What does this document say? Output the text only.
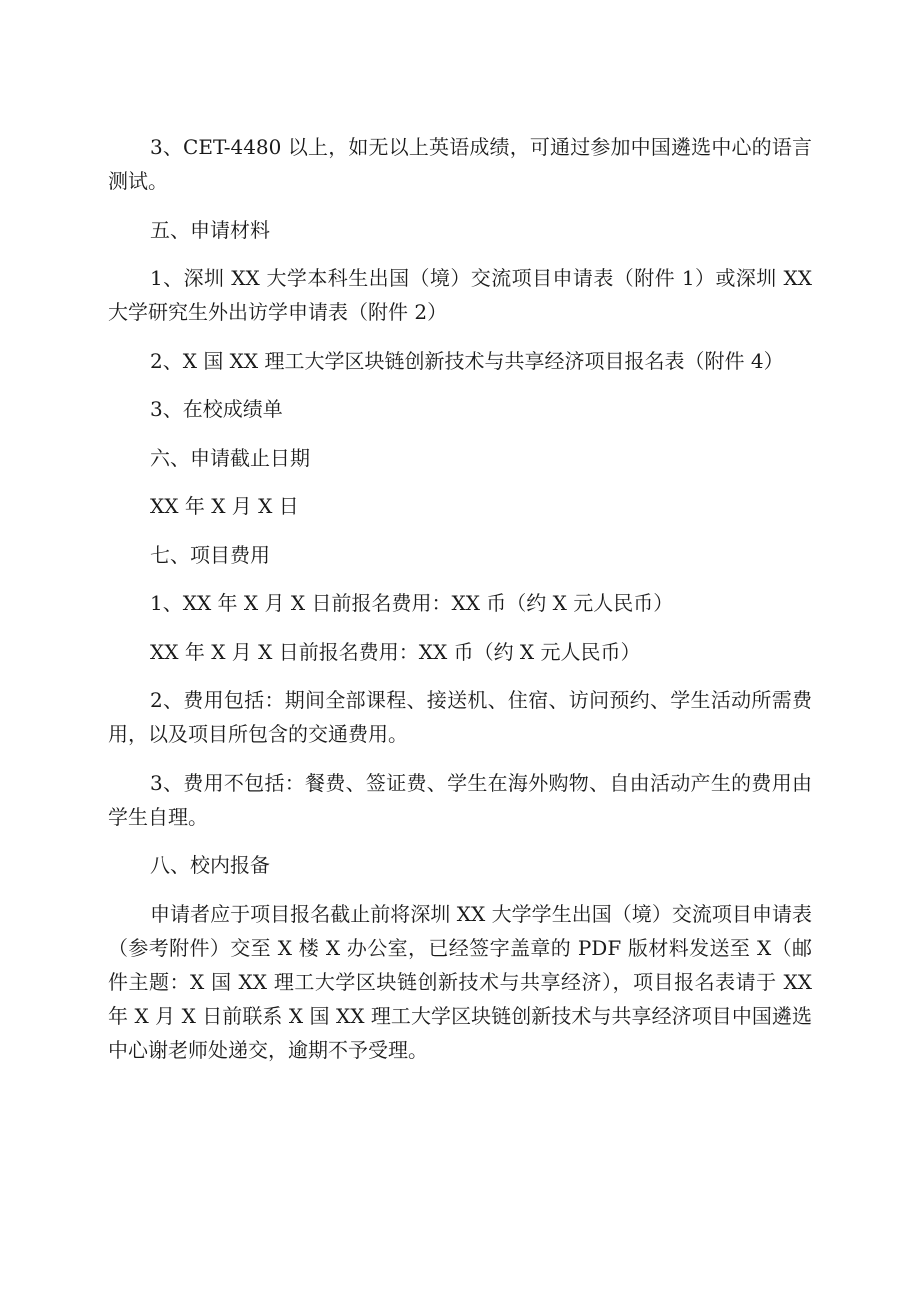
3、CET-4480 以上，如无以上英语成绩，可通过参加中国遴选中心的语言测试。

五、申请材料

1、深圳 XX 大学本科生出国（境）交流项目申请表（附件 1）或深圳 XX 大学研究生外出访学申请表（附件 2）

2、X 国 XX 理工大学区块链创新技术与共享经济项目报名表（附件 4）

3、在校成绩单

六、申请截止日期

XX 年 X 月 X 日

七、项目费用

1、XX 年 X 月 X 日前报名费用：XX 币（约 X 元人民币）

XX 年 X 月 X 日前报名费用：XX 币（约 X 元人民币）

2、费用包括：期间全部课程、接送机、住宿、访问预约、学生活动所需费用，以及项目所包含的交通费用。

3、费用不包括：餐费、签证费、学生在海外购物、自由活动产生的费用由学生自理。

八、校内报备

申请者应于项目报名截止前将深圳 XX 大学学生出国（境）交流项目申请表（参考附件）交至 X 楼 X 办公室，已经签字盖章的 PDF 版材料发送至 X（邮件主题：X 国 XX 理工大学区块链创新技术与共享经济），项目报名表请于 XX 年 X 月 X 日前联系 X 国 XX 理工大学区块链创新技术与共享经济项目中国遴选中心谢老师处递交，逾期不予受理。
